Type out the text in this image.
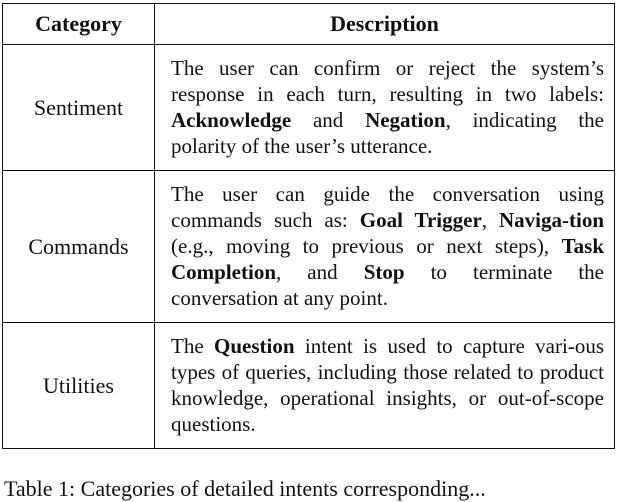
Category	Description
Sentiment	The user can confirm or reject the system’s response in each turn, resulting in two labels: Acknowledge and Negation, indicating the polarity of the user’s utterance.
Commands	The user can guide the conversation using commands such as: Goal Trigger, Naviga-tion (e.g., moving to previous or next steps), Task Completion, and Stop to terminate the conversation at any point.
Utilities	The Question intent is used to capture vari-ous types of queries, including those related to product knowledge, operational insights, or out-of-scope questions.
Table 1: Categories of detailed intents corresponding...
